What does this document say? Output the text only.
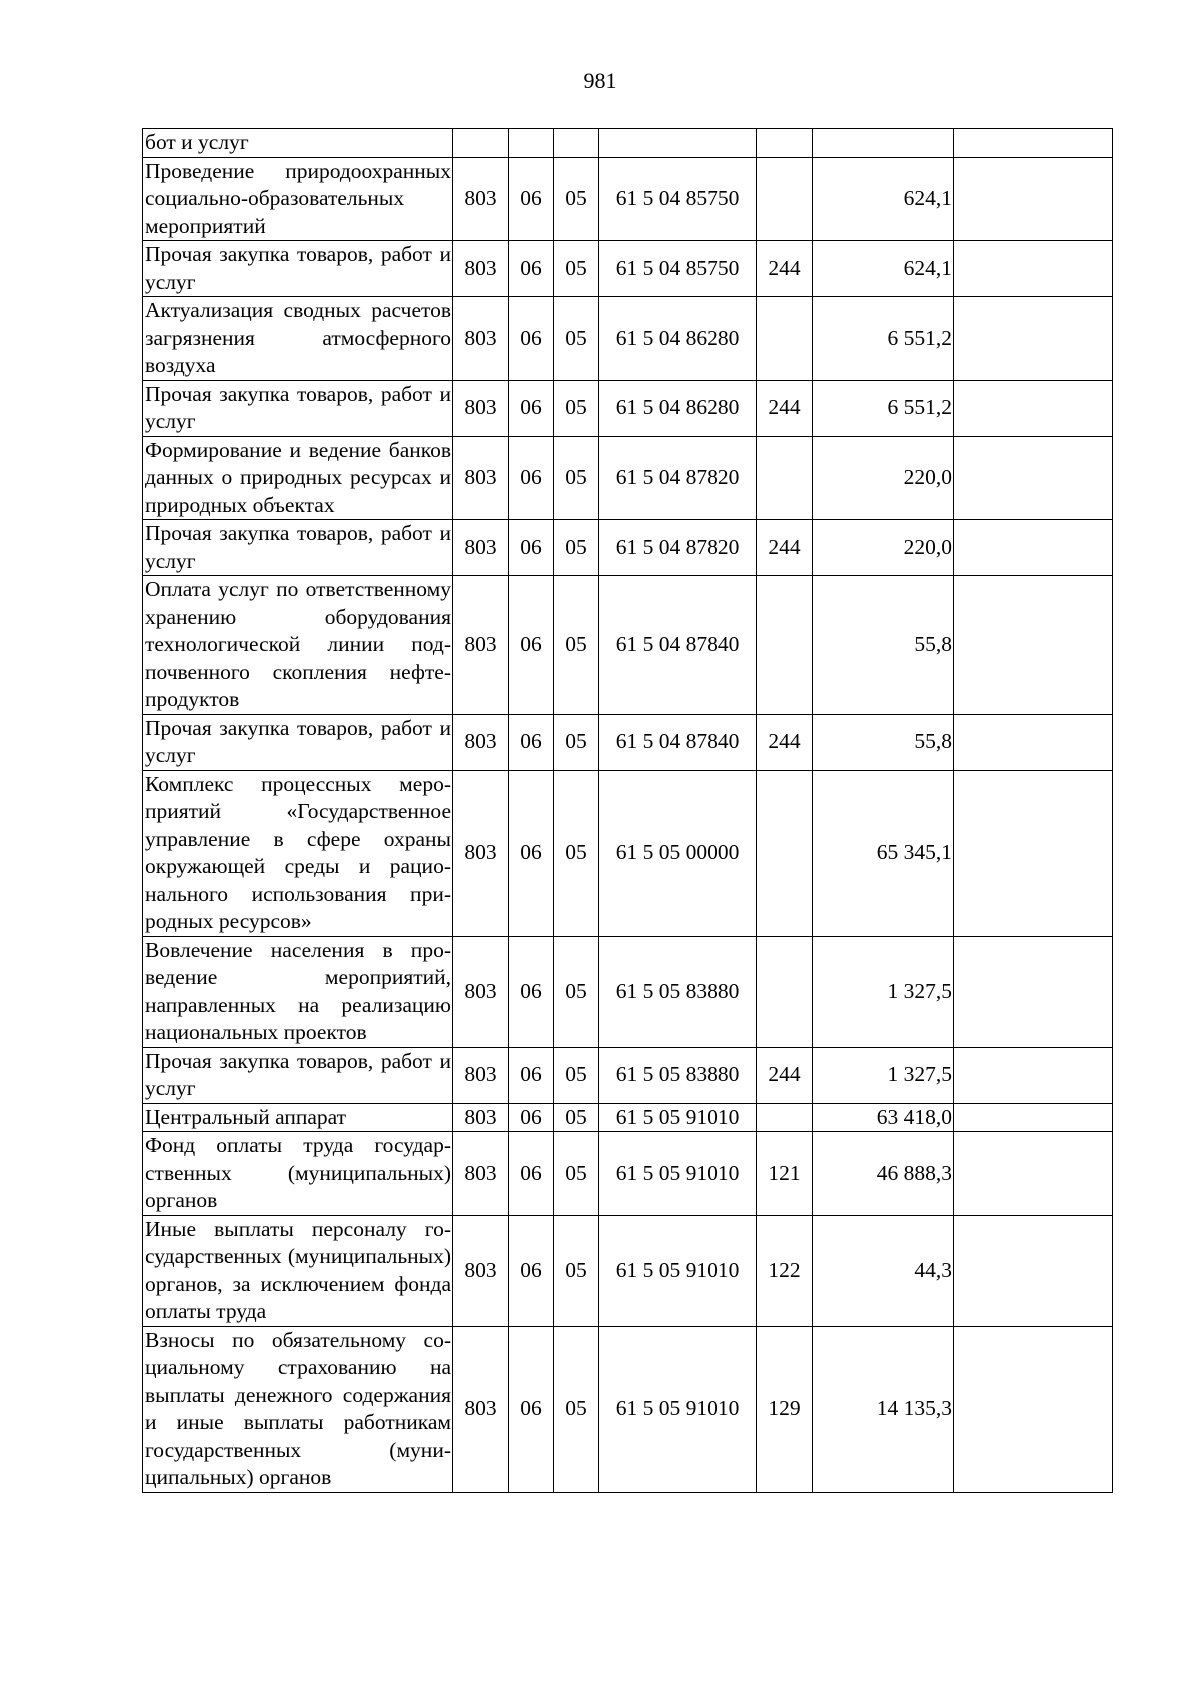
981
бот и услуг							
Проведение природоохранных социально-образовательных мероприятий	803	06	05	61 5 04 85750		624,1	
Прочая закупка товаров, работ и услуг	803	06	05	61 5 04 85750	244	624,1	
Актуализация сводных расчетов загрязнения атмосферного воздуха	803	06	05	61 5 04 86280		6 551,2	
Прочая закупка товаров, работ и услуг	803	06	05	61 5 04 86280	244	6 551,2	
Формирование и ведение банков данных о природных ресурсах и природных объектах	803	06	05	61 5 04 87820		220,0	
Прочая закупка товаров, работ и услуг	803	06	05	61 5 04 87820	244	220,0	
Оплата услуг по ответственному хранению оборудования технологической линии подпочвенного скопления нефтепродуктов	803	06	05	61 5 04 87840		55,8	
Прочая закупка товаров, работ и услуг	803	06	05	61 5 04 87840	244	55,8	
Комплекс процессных мероприятий «Государственное управление в сфере охраны окружающей среды и рационального использования природных ресурсов»	803	06	05	61 5 05 00000		65 345,1	
Вовлечение населения в проведение мероприятий, направленных на реализацию национальных проектов	803	06	05	61 5 05 83880		1 327,5	
Прочая закупка товаров, работ и услуг	803	06	05	61 5 05 83880	244	1 327,5	
Центральный аппарат	803	06	05	61 5 05 91010		63 418,0	
Фонд оплаты труда государственных (муниципальных) органов	803	06	05	61 5 05 91010	121	46 888,3	
Иные выплаты персоналу государственных (муниципальных) органов, за исключением фонда оплаты труда	803	06	05	61 5 05 91010	122	44,3	
Взносы по обязательному социальному страхованию на выплаты денежного содержания и иные выплаты работникам государственных (муниципальных) органов	803	06	05	61 5 05 91010	129	14 135,3	
